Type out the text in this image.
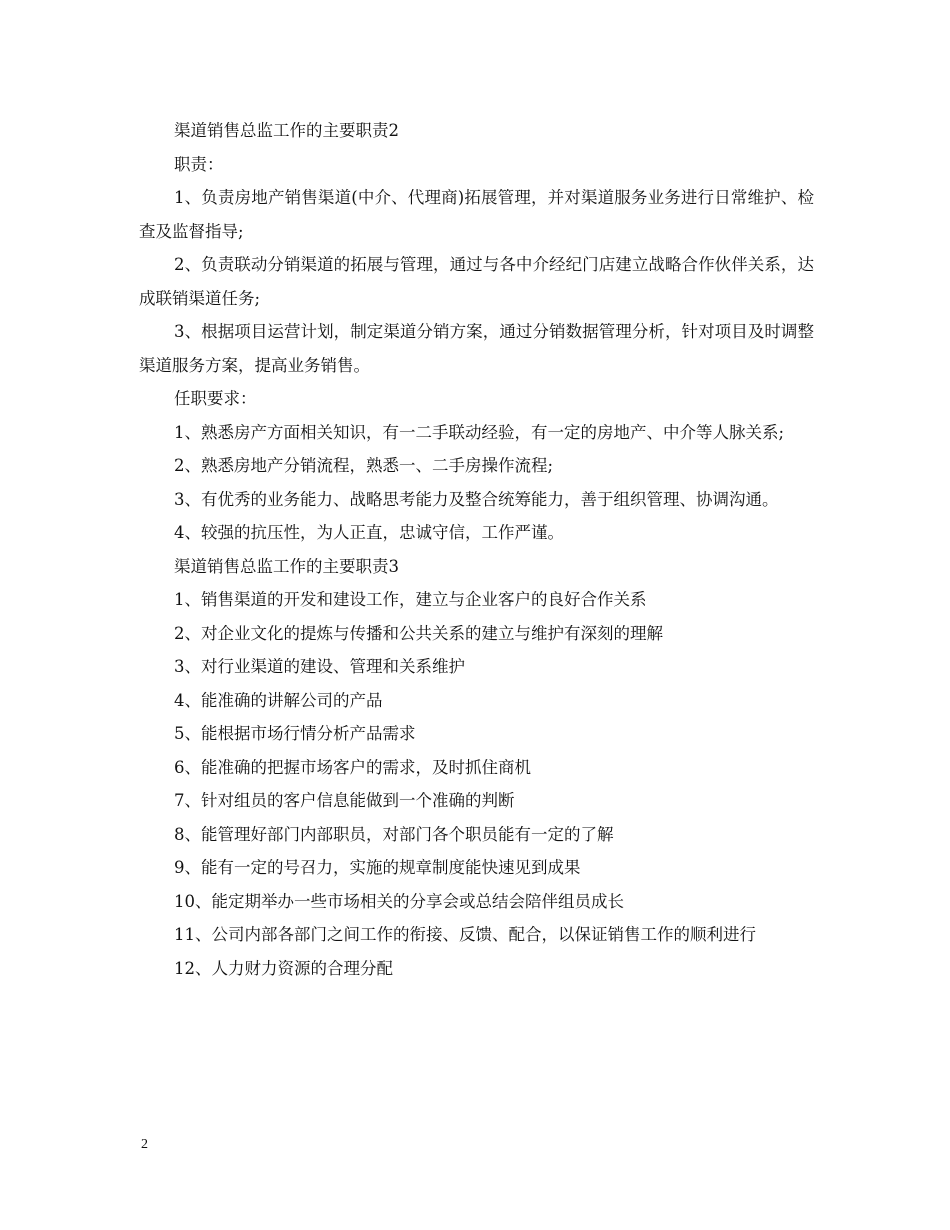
渠道销售总监工作的主要职责2

职责：

1、负责房地产销售渠道(中介、代理商)拓展管理，并对渠道服务业务进行日常维护、检查及监督指导;

2、负责联动分销渠道的拓展与管理，通过与各中介经纪门店建立战略合作伙伴关系，达成联销渠道任务;

3、根据项目运营计划，制定渠道分销方案，通过分销数据管理分析，针对项目及时调整渠道服务方案，提高业务销售。

任职要求：

1、熟悉房产方面相关知识，有一二手联动经验，有一定的房地产、中介等人脉关系;

2、熟悉房地产分销流程，熟悉一、二手房操作流程;

3、有优秀的业务能力、战略思考能力及整合统筹能力，善于组织管理、协调沟通。

4、较强的抗压性，为人正直，忠诚守信，工作严谨。

渠道销售总监工作的主要职责3

1、销售渠道的开发和建设工作，建立与企业客户的良好合作关系

2、对企业文化的提炼与传播和公共关系的建立与维护有深刻的理解

3、对行业渠道的建设、管理和关系维护

4、能准确的讲解公司的产品

5、能根据市场行情分析产品需求

6、能准确的把握市场客户的需求，及时抓住商机

7、针对组员的客户信息能做到一个准确的判断

8、能管理好部门内部职员，对部门各个职员能有一定的了解

9、能有一定的号召力，实施的规章制度能快速见到成果

10、能定期举办一些市场相关的分享会或总结会陪伴组员成长

11、公司内部各部门之间工作的衔接、反馈、配合，以保证销售工作的顺利进行

12、人力财力资源的合理分配

2
